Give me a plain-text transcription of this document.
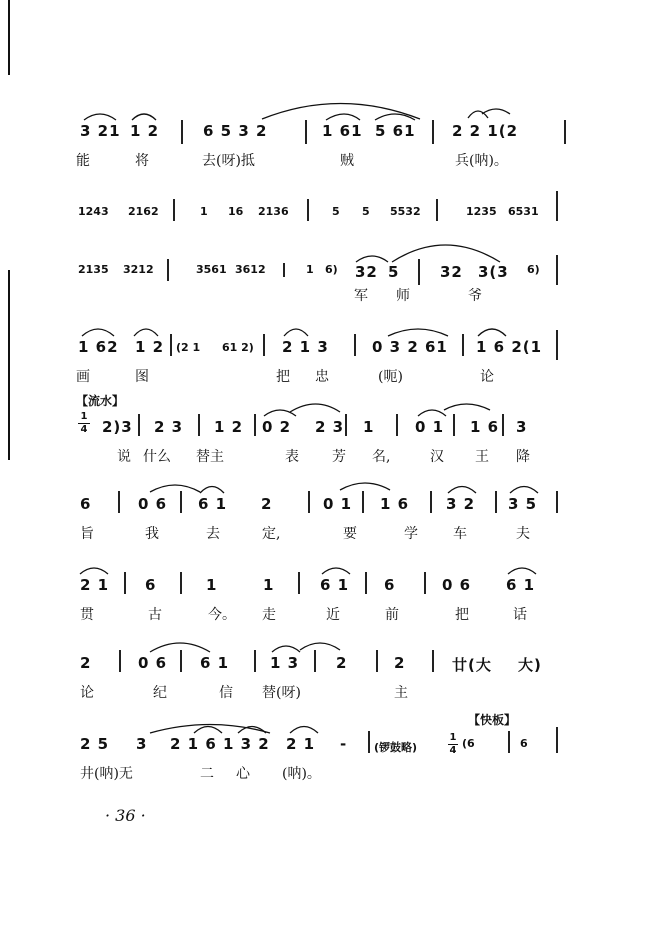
3 21 1 2	6 5 3 2	1 61 5 61 2 2 1(2
能	将	去(呀)抵	贼	兵(呐)。
1243 2162	1 16 2136	5 5 5532	1235 6531
2135 3212	3561 3612	1 6) 32 5	32 3(3 6)
军 师	爷
1 62 1 2 (2 1 61 2) 2 1 3	0 3 2 61 1 6 2(1
画	图	把 忠	(呃)	论
【流水】
1
4 2)3 2 3 1 2 0 2 2 3 1	0 1 1 6 3
说 什么 替主	表 芳 名,	汉 王 降
6	0 6 6 1 2	0 1 1 6 3 2 3 5
旨	我	去	定,	要	学	车	夫
2 1 6	1	1	6 1 6	0 6 6 1
贯	古	今。 走	近	前	把	话
2	0 6 6 1	1 3 2	2	廿(大 大)
论	纪	信 替(呀)	主
【快板】
2 5 3 2 1 6 1 3 2 2 1 - (锣鼓略)
1
4
(6	6
井(呐)无	二 心 (呐)。
· 36 ·
